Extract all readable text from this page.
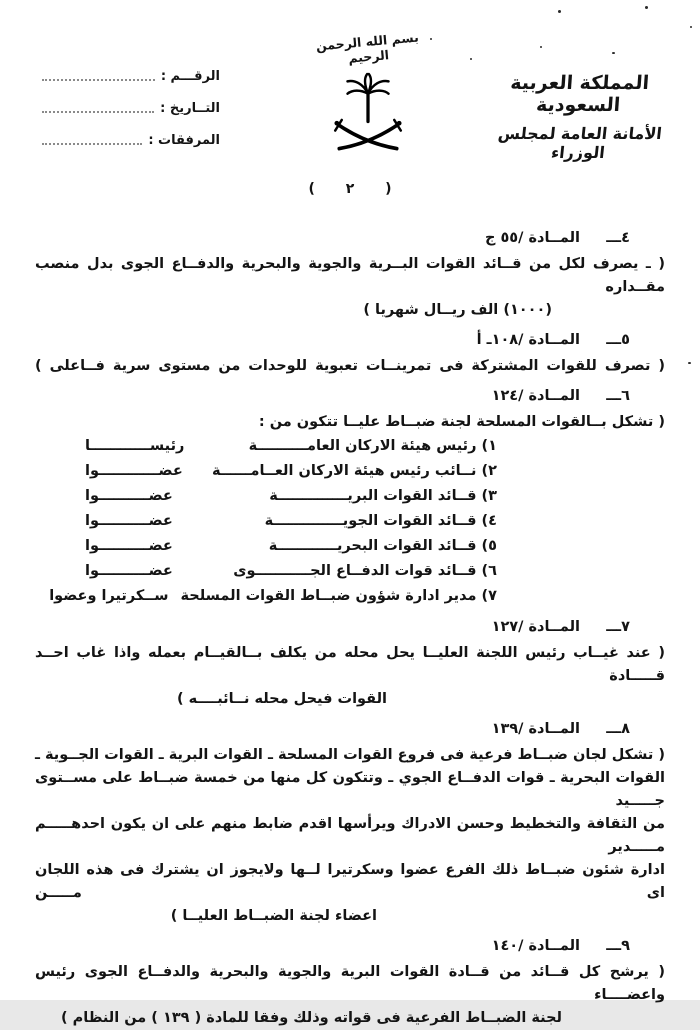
المملكة العربية السعودية
الأمانة العامة لمجلس الوزراء
بسم الله الرحمن الرحيم
الرقـــم :
التــاريخ :
المرفقات :
( ٢ )
٤ـــ
المــادة /٥٥ ج

( ـ يصرف لكل من قــائد القوات البــرية والجوية والبحرية والدفــاع الجوى بدل منصب مقــداره

(١٠٠٠) الف ريــال شهريا )

٥ـــ
المــادة /١٠٨ـ أ

( تصرف للقوات المشتركة فى تمرينــات تعبوية للوحدات من مستوى سرية فــاعلى )

٦ـــ
المــادة /١٢٤

( تشكل بــالقوات المسلحة لجنة ضبــاط عليــا تتكون من :

١) رئيس هيئة الاركان العامــــــــــة
رئيســــــــــــا
٢) نــائب رئيس هيئة الاركان العــامــــــة
عضــــــــــــوا
٣) قــائد القوات البريــــــــــــــة
عضــــــــــوا
٤) قــائد القوات الجويــــــــــــــة
عضــــــــــوا
٥) قــائد القوات البحريــــــــــــة
عضــــــــــوا
٦) قــائد قوات الدفــاع الجـــــــــــوى
عضــــــــــوا
٧) مدير ادارة شؤون ضبــاط القوات المسلحة
ســكرتيرا وعضوا
٧ـــ
المــادة /١٢٧

( عند غيــاب رئيس اللجنة العليــا يحل محله من يكلف بــالقيــام بعمله واذا غاب احــد قـــــادة

القوات فيحل محله نــائبــــه )

٨ـــ
المــادة /١٣٩

( تشكل لجان ضبــاط فرعية فى فروع القوات المسلحة ـ القوات البرية ـ القوات الجــوية ـ

القوات البحرية ـ قوات الدفــاع الجوي ـ وتتكون كل منها من خمسة ضبــاط على مســتوى جـــــيد

من الثقافة والتخطيط وحسن الادراك ويرأسها اقدم ضابط منهم على ان يكون احدهـــــم مـــــدير

ادارة شئون ضبــاط ذلك الفرع عضوا وسكرتيرا لــها ولايجوز ان يشترك فى هذه اللجان اى مـــــن

اعضاء لجنة الضبــاط العليــا )

٩ـــ
المــادة /١٤٠

( يرشح كل قــائد من قــادة القوات البرية والجوية والبحرية والدفــاع الجوى رئيس واعضــــاء

لجنة الضبــاط الفرعية فى قواته وذلك وفقا للمادة ( ١٣٩ ) من النظام )
